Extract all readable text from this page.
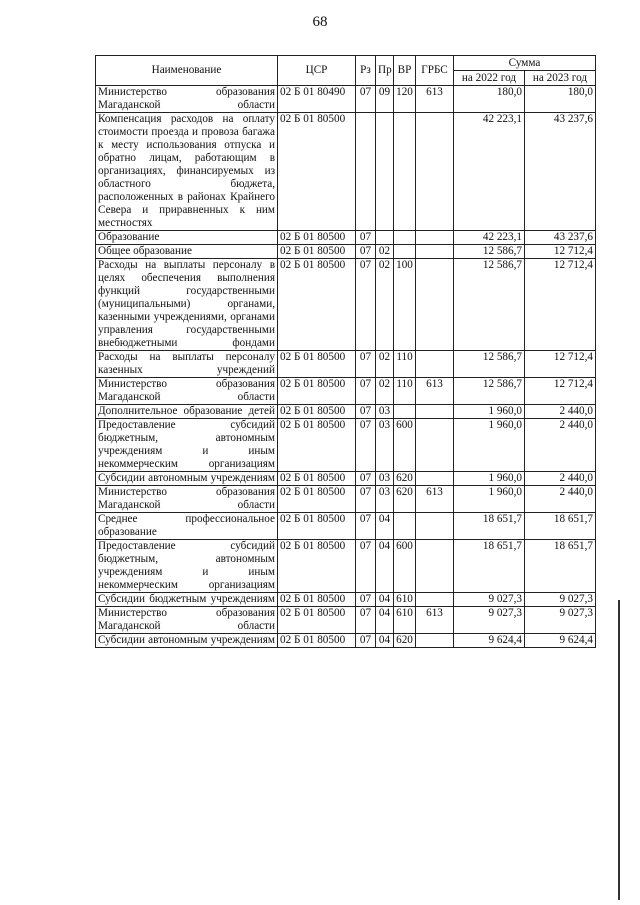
68
Наименование	ЦСР	Рз	Пр	ВР	ГРБС	Сумма	
						на 2022 год	на 2023 год
Министерство образования Магаданской области	02 Б 01 80490	07	09	120	613	180,0	180,0
Компенсация расходов на оплату стоимости проезда и провоза багажа к месту использования отпуска и обратно лицам, работающим в организациях, финансируемых из областного бюджета, расположенных в районах Крайнего Севера и приравненных к ним местностях	02 Б 01 80500					42 223,1	43 237,6
Образование	02 Б 01 80500	07				42 223,1	43 237,6
Общее образование	02 Б 01 80500	07	02			12 586,7	12 712,4
Расходы на выплаты персоналу в целях обеспечения выполнения функций государственными (муниципальными) органами, казенными учреждениями, органами управления государственными внебюджетными фондами	02 Б 01 80500	07	02	100		12 586,7	12 712,4
Расходы на выплаты персоналу казенных учреждений	02 Б 01 80500	07	02	110		12 586,7	12 712,4
Министерство образования Магаданской области	02 Б 01 80500	07	02	110	613	12 586,7	12 712,4
Дополнительное образование детей	02 Б 01 80500	07	03			1 960,0	2 440,0
Предоставление субсидий бюджетным, автономным учреждениям и иным некоммерческим организациям	02 Б 01 80500	07	03	600		1 960,0	2 440,0
Субсидии автономным учреждениям	02 Б 01 80500	07	03	620		1 960,0	2 440,0
Министерство образования Магаданской области	02 Б 01 80500	07	03	620	613	1 960,0	2 440,0
Среднее профессиональное образование	02 Б 01 80500	07	04			18 651,7	18 651,7
Предоставление субсидий бюджетным, автономным учреждениям и иным некоммерческим организациям	02 Б 01 80500	07	04	600		18 651,7	18 651,7
Субсидии бюджетным учреждениям	02 Б 01 80500	07	04	610		9 027,3	9 027,3
Министерство образования Магаданской области	02 Б 01 80500	07	04	610	613	9 027,3	9 027,3
Субсидии автономным учреждениям	02 Б 01 80500	07	04	620		9 624,4	9 624,4
